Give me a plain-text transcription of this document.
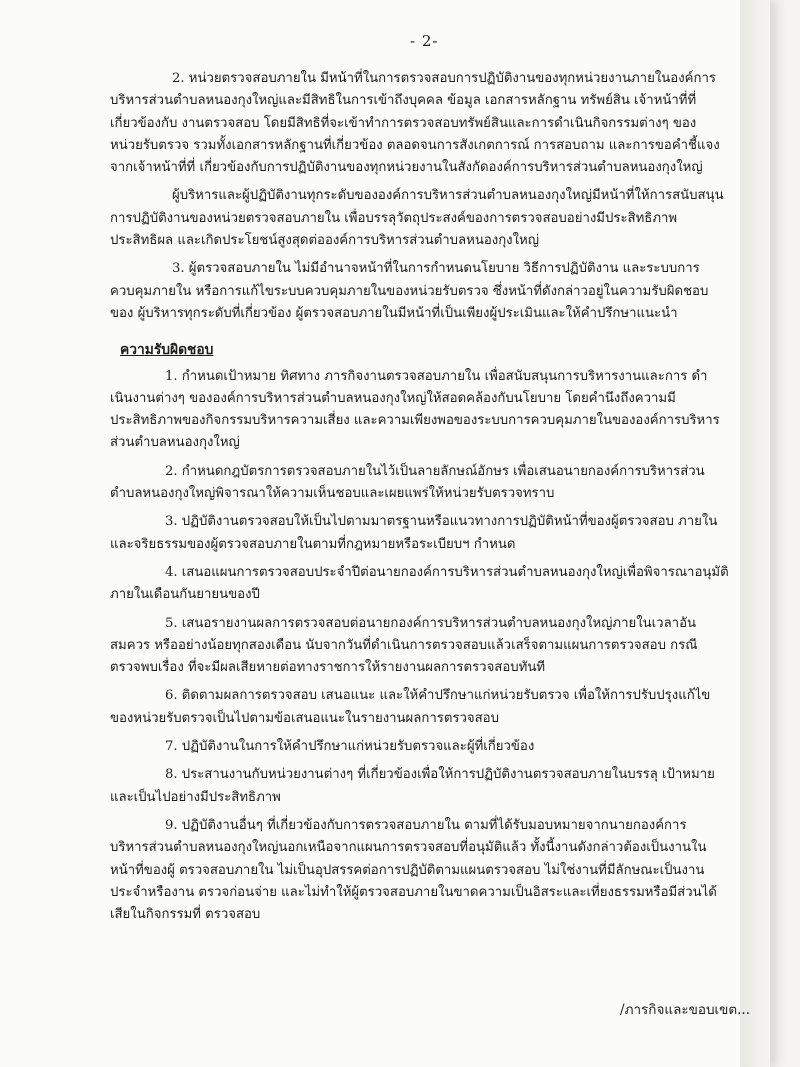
- 2-

2. หน่วยตรวจสอบภายใน มีหน้าที่ในการตรวจสอบการปฏิบัติงานของทุกหน่วยงานภายในองค์การ
บริหารส่วนตำบลหนองกุงใหญ่และมีสิทธิในการเข้าถึงบุคคล ข้อมูล เอกสารหลักฐาน ทรัพย์สิน เจ้าหน้าที่ที่
เกี่ยวข้องกับ งานตรวจสอบ โดยมีสิทธิที่จะเข้าทำการตรวจสอบทรัพย์สินและการดำเนินกิจกรรมต่างๆ ของ
หน่วยรับตรวจ รวมทั้งเอกสารหลักฐานที่เกี่ยวข้อง ตลอดจนการสังเกตการณ์ การสอบถาม และการขอคำชี้แจง
จากเจ้าหน้าที่ที่ เกี่ยวข้องกับการปฏิบัติงานของทุกหน่วยงานในสังกัดองค์การบริหารส่วนตำบลหนองกุงใหญ่

ผู้บริหารและผู้ปฏิบัติงานทุกระดับขององค์การบริหารส่วนตำบลหนองกุงใหญ่มีหน้าที่ให้การสนับสนุน
การปฏิบัติงานของหน่วยตรวจสอบภายใน เพื่อบรรลุวัตถุประสงค์ของการตรวจสอบอย่างมีประสิทธิภาพ
ประสิทธิผล และเกิดประโยชน์สูงสุดต่อองค์การบริหารส่วนตำบลหนองกุงใหญ่

3. ผู้ตรวจสอบภายใน ไม่มีอำนาจหน้าที่ในการกำหนดนโยบาย วิธีการปฏิบัติงาน และระบบการ
ควบคุมภายใน หรือการแก้ไขระบบควบคุมภายในของหน่วยรับตรวจ ซึ่งหน้าที่ดังกล่าวอยู่ในความรับผิดชอบ
ของ ผู้บริหารทุกระดับที่เกี่ยวข้อง ผู้ตรวจสอบภายในมีหน้าที่เป็นเพียงผู้ประเมินและให้คำปรึกษาแนะนำ

ความรับผิดชอบ

1. กำหนดเป้าหมาย ทิศทาง ภารกิจงานตรวจสอบภายใน เพื่อสนับสนุนการบริหารงานและการ ดำ
เนินงานต่างๆ ขององค์การบริหารส่วนตำบลหนองกุงใหญ่ให้สอดคล้องกับนโยบาย โดยคำนึงถึงความมี
ประสิทธิภาพของกิจกรรมบริหารความเสี่ยง และความเพียงพอของระบบการควบคุมภายในขององค์การบริหาร
ส่วนตำบลหนองกุงใหญ่

2. กำหนดกฎบัตรการตรวจสอบภายในไว้เป็นลายลักษณ์อักษร เพื่อเสนอนายกองค์การบริหารส่วน
ตำบลหนองกุงใหญ่พิจารณาให้ความเห็นชอบและเผยแพร่ให้หน่วยรับตรวจทราบ

3. ปฏิบัติงานตรวจสอบให้เป็นไปตามมาตรฐานหรือแนวทางการปฏิบัติหน้าที่ของผู้ตรวจสอบ ภายใน
และจริยธรรมของผู้ตรวจสอบภายในตามที่กฎหมายหรือระเบียบฯ กำหนด

4. เสนอแผนการตรวจสอบประจำปีต่อนายกองค์การบริหารส่วนตำบลหนองกุงใหญ่เพื่อพิจารณาอนุมัติ
ภายในเดือนกันยายนของปี

5. เสนอรายงานผลการตรวจสอบต่อนายกองค์การบริหารส่วนตำบลหนองกุงใหญ่ภายในเวลาอัน
สมควร หรืออย่างน้อยทุกสองเดือน นับจากวันที่ดำเนินการตรวจสอบแล้วเสร็จตามแผนการตรวจสอบ กรณี
ตรวจพบเรื่อง ที่จะมีผลเสียหายต่อทางราชการให้รายงานผลการตรวจสอบทันที

6. ติดตามผลการตรวจสอบ เสนอแนะ และให้คำปรึกษาแก่หน่วยรับตรวจ เพื่อให้การปรับปรุงแก้ไข
ของหน่วยรับตรวจเป็นไปตามข้อเสนอแนะในรายงานผลการตรวจสอบ

7. ปฏิบัติงานในการให้คำปรึกษาแก่หน่วยรับตรวจและผู้ที่เกี่ยวข้อง

8. ประสานงานกับหน่วยงานต่างๆ ที่เกี่ยวข้องเพื่อให้การปฏิบัติงานตรวจสอบภายในบรรลุ เป้าหมาย
และเป็นไปอย่างมีประสิทธิภาพ

9. ปฏิบัติงานอื่นๆ ที่เกี่ยวข้องกับการตรวจสอบภายใน ตามที่ได้รับมอบหมายจากนายกองค์การ
บริหารส่วนตำบลหนองกุงใหญ่นอกเหนือจากแผนการตรวจสอบที่อนุมัติแล้ว ทั้งนี้งานดังกล่าวต้องเป็นงานใน
หน้าที่ของผู้ ตรวจสอบภายใน ไม่เป็นอุปสรรคต่อการปฏิบัติตามแผนตรวจสอบ ไม่ใช่งานที่มีลักษณะเป็นงาน
ประจำหรืองาน ตรวจก่อนจ่าย และไม่ทำให้ผู้ตรวจสอบภายในขาดความเป็นอิสระและเที่ยงธรรมหรือมีส่วนได้
เสียในกิจกรรมที่ ตรวจสอบ

/ภารกิจและขอบเขต...
